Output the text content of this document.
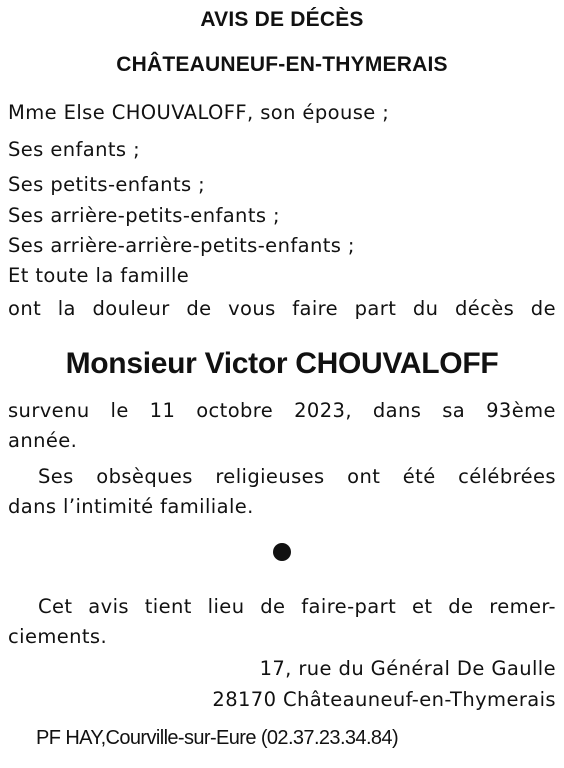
AVIS DE DÉCÈS
CHÂTEAUNEUF-EN-THYMERAIS
Mme Else CHOUVALOFF, son épouse ;
Ses enfants ;
Ses petits-enfants ;
Ses arrière-petits-enfants ;
Ses arrière-arrière-petits-enfants ;
Et toute la famille
ont la douleur de vous faire part du décès de
Monsieur Victor CHOUVALOFF
survenu le 11 octobre 2023, dans sa 93ème
année.
Ses obsèques religieuses ont été célébrées
dans l’intimité familiale.
Cet avis tient lieu de faire-part et de remer-
ciements.
17, rue du Général De Gaulle
28170 Châteauneuf-en-Thymerais
PF HAY,Courville-sur-Eure (02.37.23.34.84)
